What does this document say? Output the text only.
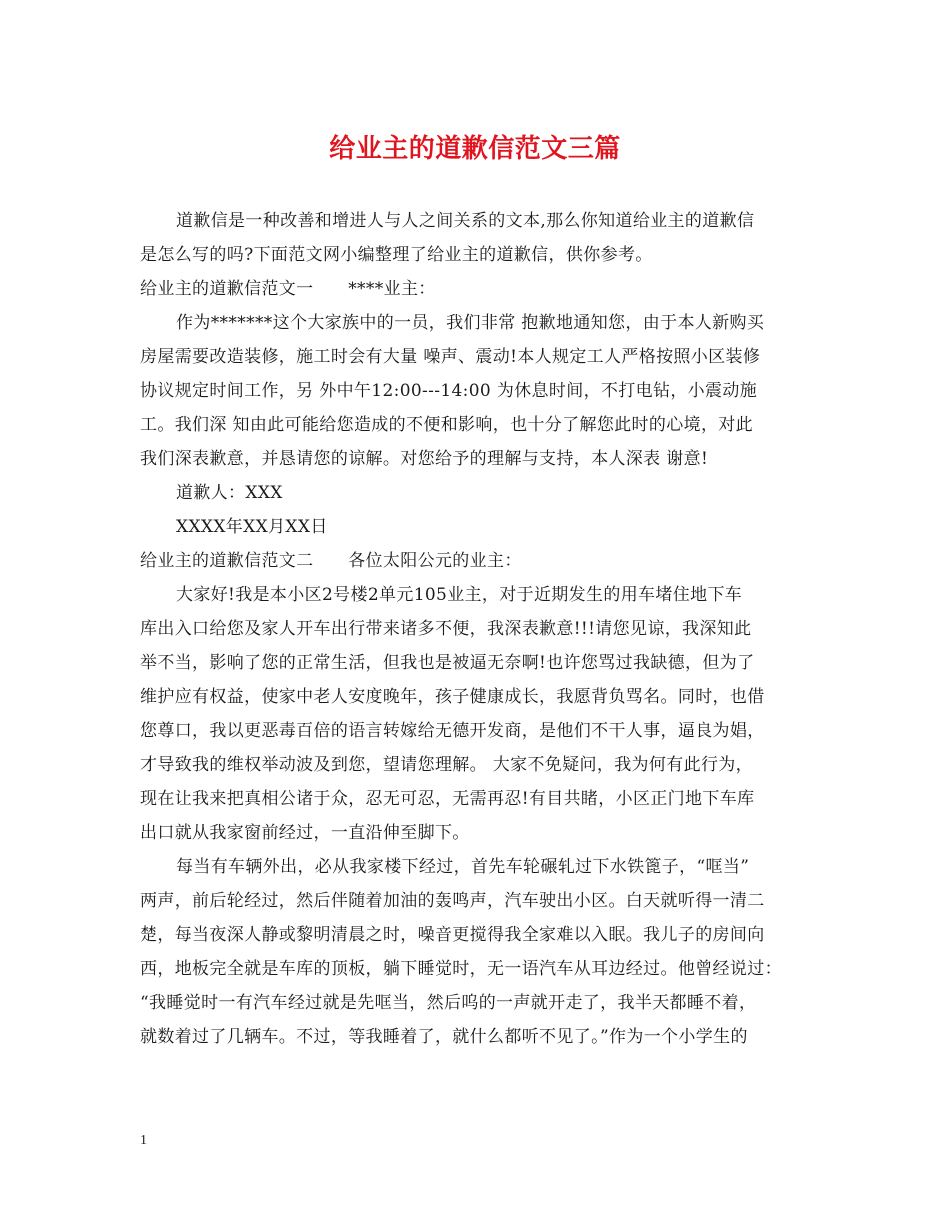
给业主的道歉信范文三篇
道歉信是一种改善和增进人与人之间关系的文本,那么你知道给业主的道歉信
是怎么写的吗?下面范文网小编整理了给业主的道歉信，供你参考。
给业主的道歉信范文一　　****业主：
作为*******这个大家族中的一员，我们非常 抱歉地通知您，由于本人新购买
房屋需要改造装修，施工时会有大量 噪声、震动!本人规定工人严格按照小区装修
协议规定时间工作，另 外中午12:00---14:00 为休息时间，不打电钻，小震动施
工。我们深 知由此可能给您造成的不便和影响，也十分了解您此时的心境，对此
我们深表歉意，并恳请您的谅解。对您给予的理解与支持，本人深表 谢意!
道歉人：XXX
XXXX年XX月XX日
给业主的道歉信范文二　　各位太阳公元的业主：
大家好!我是本小区2号楼2单元105业主，对于近期发生的用车堵住地下车
库出入口给您及家人开车出行带来诸多不便，我深表歉意!!!请您见谅，我深知此
举不当，影响了您的正常生活，但我也是被逼无奈啊!也许您骂过我缺德，但为了
维护应有权益，使家中老人安度晚年，孩子健康成长，我愿背负骂名。同时，也借
您尊口，我以更恶毒百倍的语言转嫁给无德开发商，是他们不干人事，逼良为娼，
才导致我的维权举动波及到您，望请您理解。 大家不免疑问，我为何有此行为，
现在让我来把真相公诸于众，忍无可忍，无需再忍!有目共睹，小区正门地下车库
出口就从我家窗前经过，一直沿伸至脚下。
每当有车辆外出，必从我家楼下经过，首先车轮碾轧过下水铁篦子，“哐当”
两声，前后轮经过，然后伴随着加油的轰鸣声，汽车驶出小区。白天就听得一清二
楚，每当夜深人静或黎明清晨之时，噪音更搅得我全家难以入眠。我儿子的房间向
西，地板完全就是车库的顶板，躺下睡觉时，无一语汽车从耳边经过。他曾经说过：
“我睡觉时一有汽车经过就是先哐当，然后呜的一声就开走了，我半天都睡不着，
就数着过了几辆车。不过，等我睡着了，就什么都听不见了。”作为一个小学生的
1
